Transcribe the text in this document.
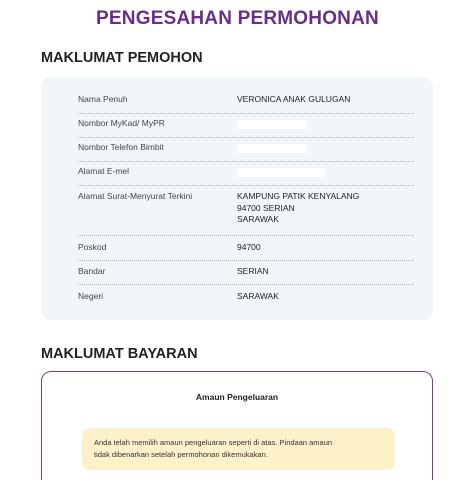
PENGESAHAN PERMOHONAN
MAKLUMAT PEMOHON
Nama Penuh	VERONICA ANAK GULUGAN
Nombor MyKad/ MyPR
Nombor Telefon Bimbit
Alamat E-mel
Alamat Surat-Menyurat Terkini	KAMPUNG PATIK KENYALANG
94700 SERIAN
SARAWAK
Poskod	94700
Bandar	SERIAN
Negeri	SARAWAK
MAKLUMAT BAYARAN
Amaun Pengeluaran
Anda telah memilih amaun pengeluaran seperti di atas. Pindaan amaun
tidak dibenarkan setelah permohonan dikemukakan.
